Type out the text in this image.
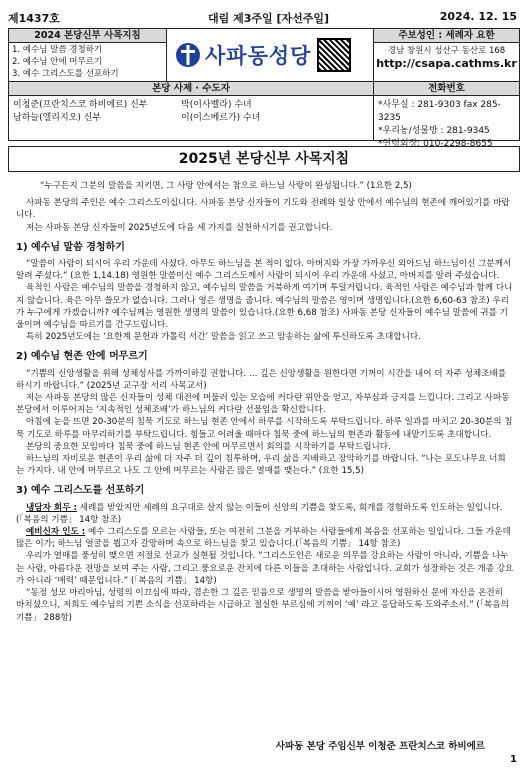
제1437호	대림 제3주일 [자선주일]	2024. 12. 15
2024 본당신부 사목지침
1. 예수님 말씀 경청하기
2. 예수님 안에 머무르기
3. 예수 그리스도를 선포하기
사파동성당
주보성인 : 세례자 요한
경남 창원시 성산구 동산로 168
http://csapa.cathms.kr
본당 사제 · 수도자
이청준(프란치스코 하비에르) 신부
남하늘(엘리지오) 신부
박(이사벨라) 수녀
이(이스베르가) 수녀
전화번호
*사무실 : 281-9303 fax 285-3235
*우리농/성물방 : 281-9345
*연령회장: 010-2298-8655
2025년 본당신부 사목지침

“누구든지 그분의 말씀을 지키면, 그 사랑 안에서는 참으로 하느님 사랑이 완성됩니다.” (1요한 2,5)

사파동 본당의 주인은 예수 그리스도이십니다. 사파동 본당 신자들이 기도와 전례와 일상 안에서 예수님의 현존에 깨어있기를 바랍니다.

저는 사파동 본당 신자들이 2025년도에 다음 세 가지를 실천하시기를 권고합니다.

1) 예수님 말씀 경청하기

“말씀이 사람이 되시어 우리 가운데 사셨다. 아무도 하느님을 본 적이 없다. 아버지와 가장 가까우신 외아드님 하느님이신 그분께서 알려 주셨다.” (요한 1,14.18) 영원한 말씀이신 예수 그리스도께서 사람이 되시어 우리 가운데 사셨고, 아버지를 알려 주셨습니다.

육적인 사람은 예수님의 말씀을 경청하지 않고, 예수님의 말씀을 거북하게 여기며 투덜거립니다. 육적인 사람은 예수님과 함께 다니지 않습니다. 육은 아무 쓸모가 없습니다. 그러나 영은 생명을 줍니다. 예수님의 말씀은 영이며 생명입니다.(요한 6,60-63 참조) 우리가 누구에게 가겠습니까? 예수님께는 영원한 생명의 말씀이 있습니다.(요한 6,68 참조) 사파동 본당 신자들이 예수님 말씀에 귀를 기울이며 예수님을 따르기를 간구드립니다.

특히 2025년도에는 ‘요한계 문헌과 가톨릭 서간’ 말씀을 읽고 쓰고 암송하는 삶에 투신하도록 초대합니다.

2) 예수님 현존 안에 머무르기

“기쁨의 신앙생활을 위해 성체성사를 가까이하길 권합니다. … 깊은 신앙생활을 원한다면 기꺼이 시간을 내어 더 자주 성체조배를 하시기 바랍니다.” (2025년 교구장 서리 사목교서)

저는 사파동 본당의 많은 신자들이 성체 대전에 머물러 있는 모습에 커다란 위안을 얻고, 자부심과 긍지를 느낍니다. 그리고 사파동 본당에서 이루어지는 ‘지속적인 성체조배’가 하느님의 커다란 선물임을 확신합니다.

아침에 눈을 뜨면 20-30분의 침묵 기도로 하느님 현존 안에서 하루를 시작하도록 부탁드립니다. 하루 일과를 마치고 20-30분의 침묵 기도로 하루를 마무리하기를 부탁드립니다. 힘들고 어려울 때마다 침묵 중에 하느님의 현존과 활동에 내맡기도록 초대합니다.

본당의 중요한 모임마다 침묵 중에 하느님 현존 안에 머무르면서 회의를 시작하기를 부탁드립니다.

하느님의 자비로운 현존이 우리 삶에 더 자주 더 깊이 침투하며, 우리 삶을 지배하고 장악하기를 바랍니다. “나는 포도나무요 너희는 가지다. 내 안에 머무르고 나도 그 안에 머무르는 사람은 많은 열매를 맺는다.” (요한 15,5)

3) 예수 그리스도를 선포하기

냉담자 회두 : 세례를 받았지만 세례의 요구대로 살지 않는 이들이 신앙의 기쁨을 찾도록, 회개를 경험하도록 인도하는 일입니다.(「복음의 기쁨」 14항 참조)

예비신자 인도 : 예수 그리스도를 모르는 사람들, 또는 여전히 그분을 거부하는 사람들에게 복음을 선포하는 일입니다. 그들 가운데 많은 이가; 하느님 얼굴을 뵙고자 갈망하며 속으로 하느님을 찾고 있습니다.(「복음의 기쁨」 14항 참조)

우리가 열매를 풍성히 맺으면 저절로 선교가 실현될 것입니다. “그리스도인은 새로운 의무를 강요하는 사람이 아니라, 기쁨을 나누는 사람, 아름다운 전망을 보여 주는 사람, 그리고 풍요로운 잔치에 다른 이들을 초대하는 사람입니다. 교회가 성장하는 것은 개종 강요가 아니라 ‘매력’ 때문입니다.” (「복음의 기쁨」 14항)

“동정 성모 마리아님, 성령의 이끄심에 따라, 겸손한 그 깊은 믿음으로 생명의 말씀을 받아들이시어 영원하신 문에 자신을 온전히 바치셨으니, 저희도 예수님의 기쁜 소식을 선포하라는 시급하고 절실한 부르심에 기꺼이 ‘예’ 라고 응답하도록 도와주소서.” (「복음의 기쁨」 288항)

사파동 본당 주임신부 이청준 프란치스코 하비에르
1
